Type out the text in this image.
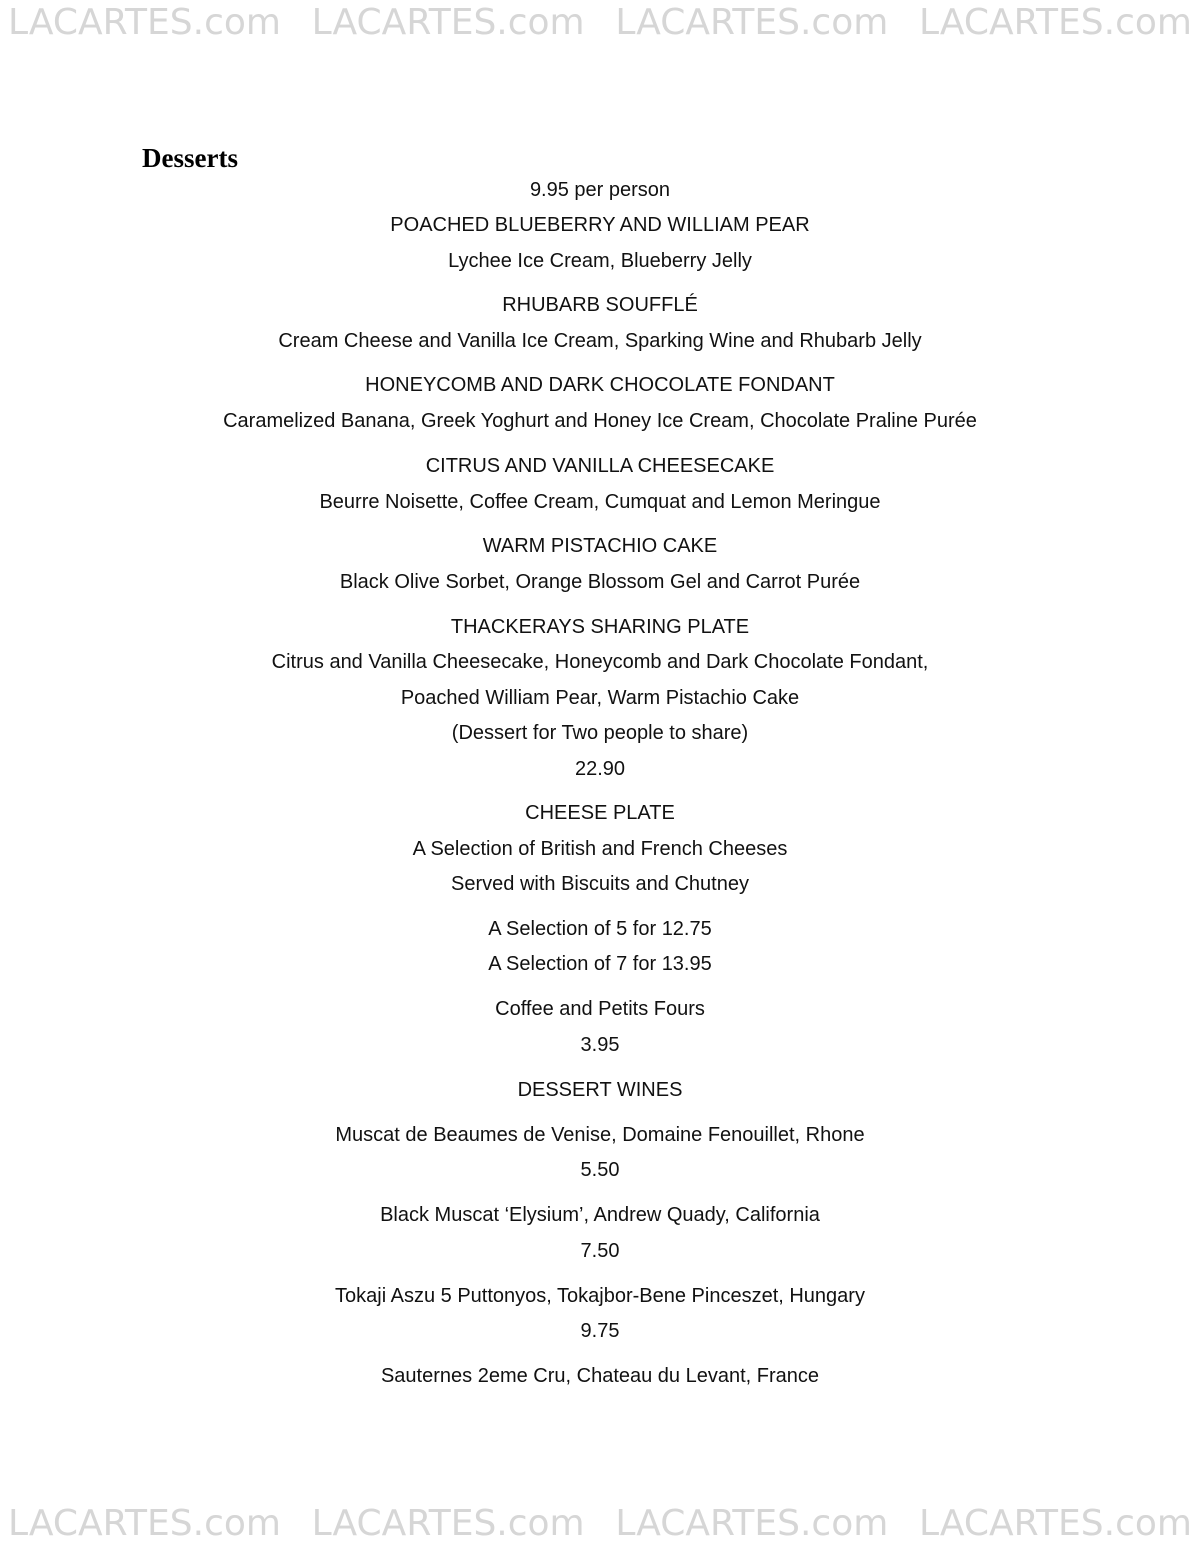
LACARTES.com LACARTES.com LACARTES.com LACARTES.com
Desserts
9.95 per person
POACHED BLUEBERRY AND WILLIAM PEAR
Lychee Ice Cream, Blueberry Jelly
RHUBARB SOUFFLÉ
Cream Cheese and Vanilla Ice Cream, Sparking Wine and Rhubarb Jelly
HONEYCOMB AND DARK CHOCOLATE FONDANT
Caramelized Banana, Greek Yoghurt and Honey Ice Cream, Chocolate Praline Purée
CITRUS AND VANILLA CHEESECAKE
Beurre Noisette, Coffee Cream, Cumquat and Lemon Meringue
WARM PISTACHIO CAKE
Black Olive Sorbet, Orange Blossom Gel and Carrot Purée
THACKERAYS SHARING PLATE
Citrus and Vanilla Cheesecake, Honeycomb and Dark Chocolate Fondant,
Poached William Pear, Warm Pistachio Cake
(Dessert for Two people to share)
22.90
CHEESE PLATE
A Selection of British and French Cheeses
Served with Biscuits and Chutney
A Selection of 5 for 12.75
A Selection of 7 for 13.95
Coffee and Petits Fours
3.95
DESSERT WINES
Muscat de Beaumes de Venise, Domaine Fenouillet, Rhone
5.50
Black Muscat ‘Elysium’, Andrew Quady, California
7.50
Tokaji Aszu 5 Puttonyos, Tokajbor-Bene Pinceszet, Hungary
9.75
Sauternes 2eme Cru, Chateau du Levant, France
LACARTES.com LACARTES.com LACARTES.com LACARTES.com
